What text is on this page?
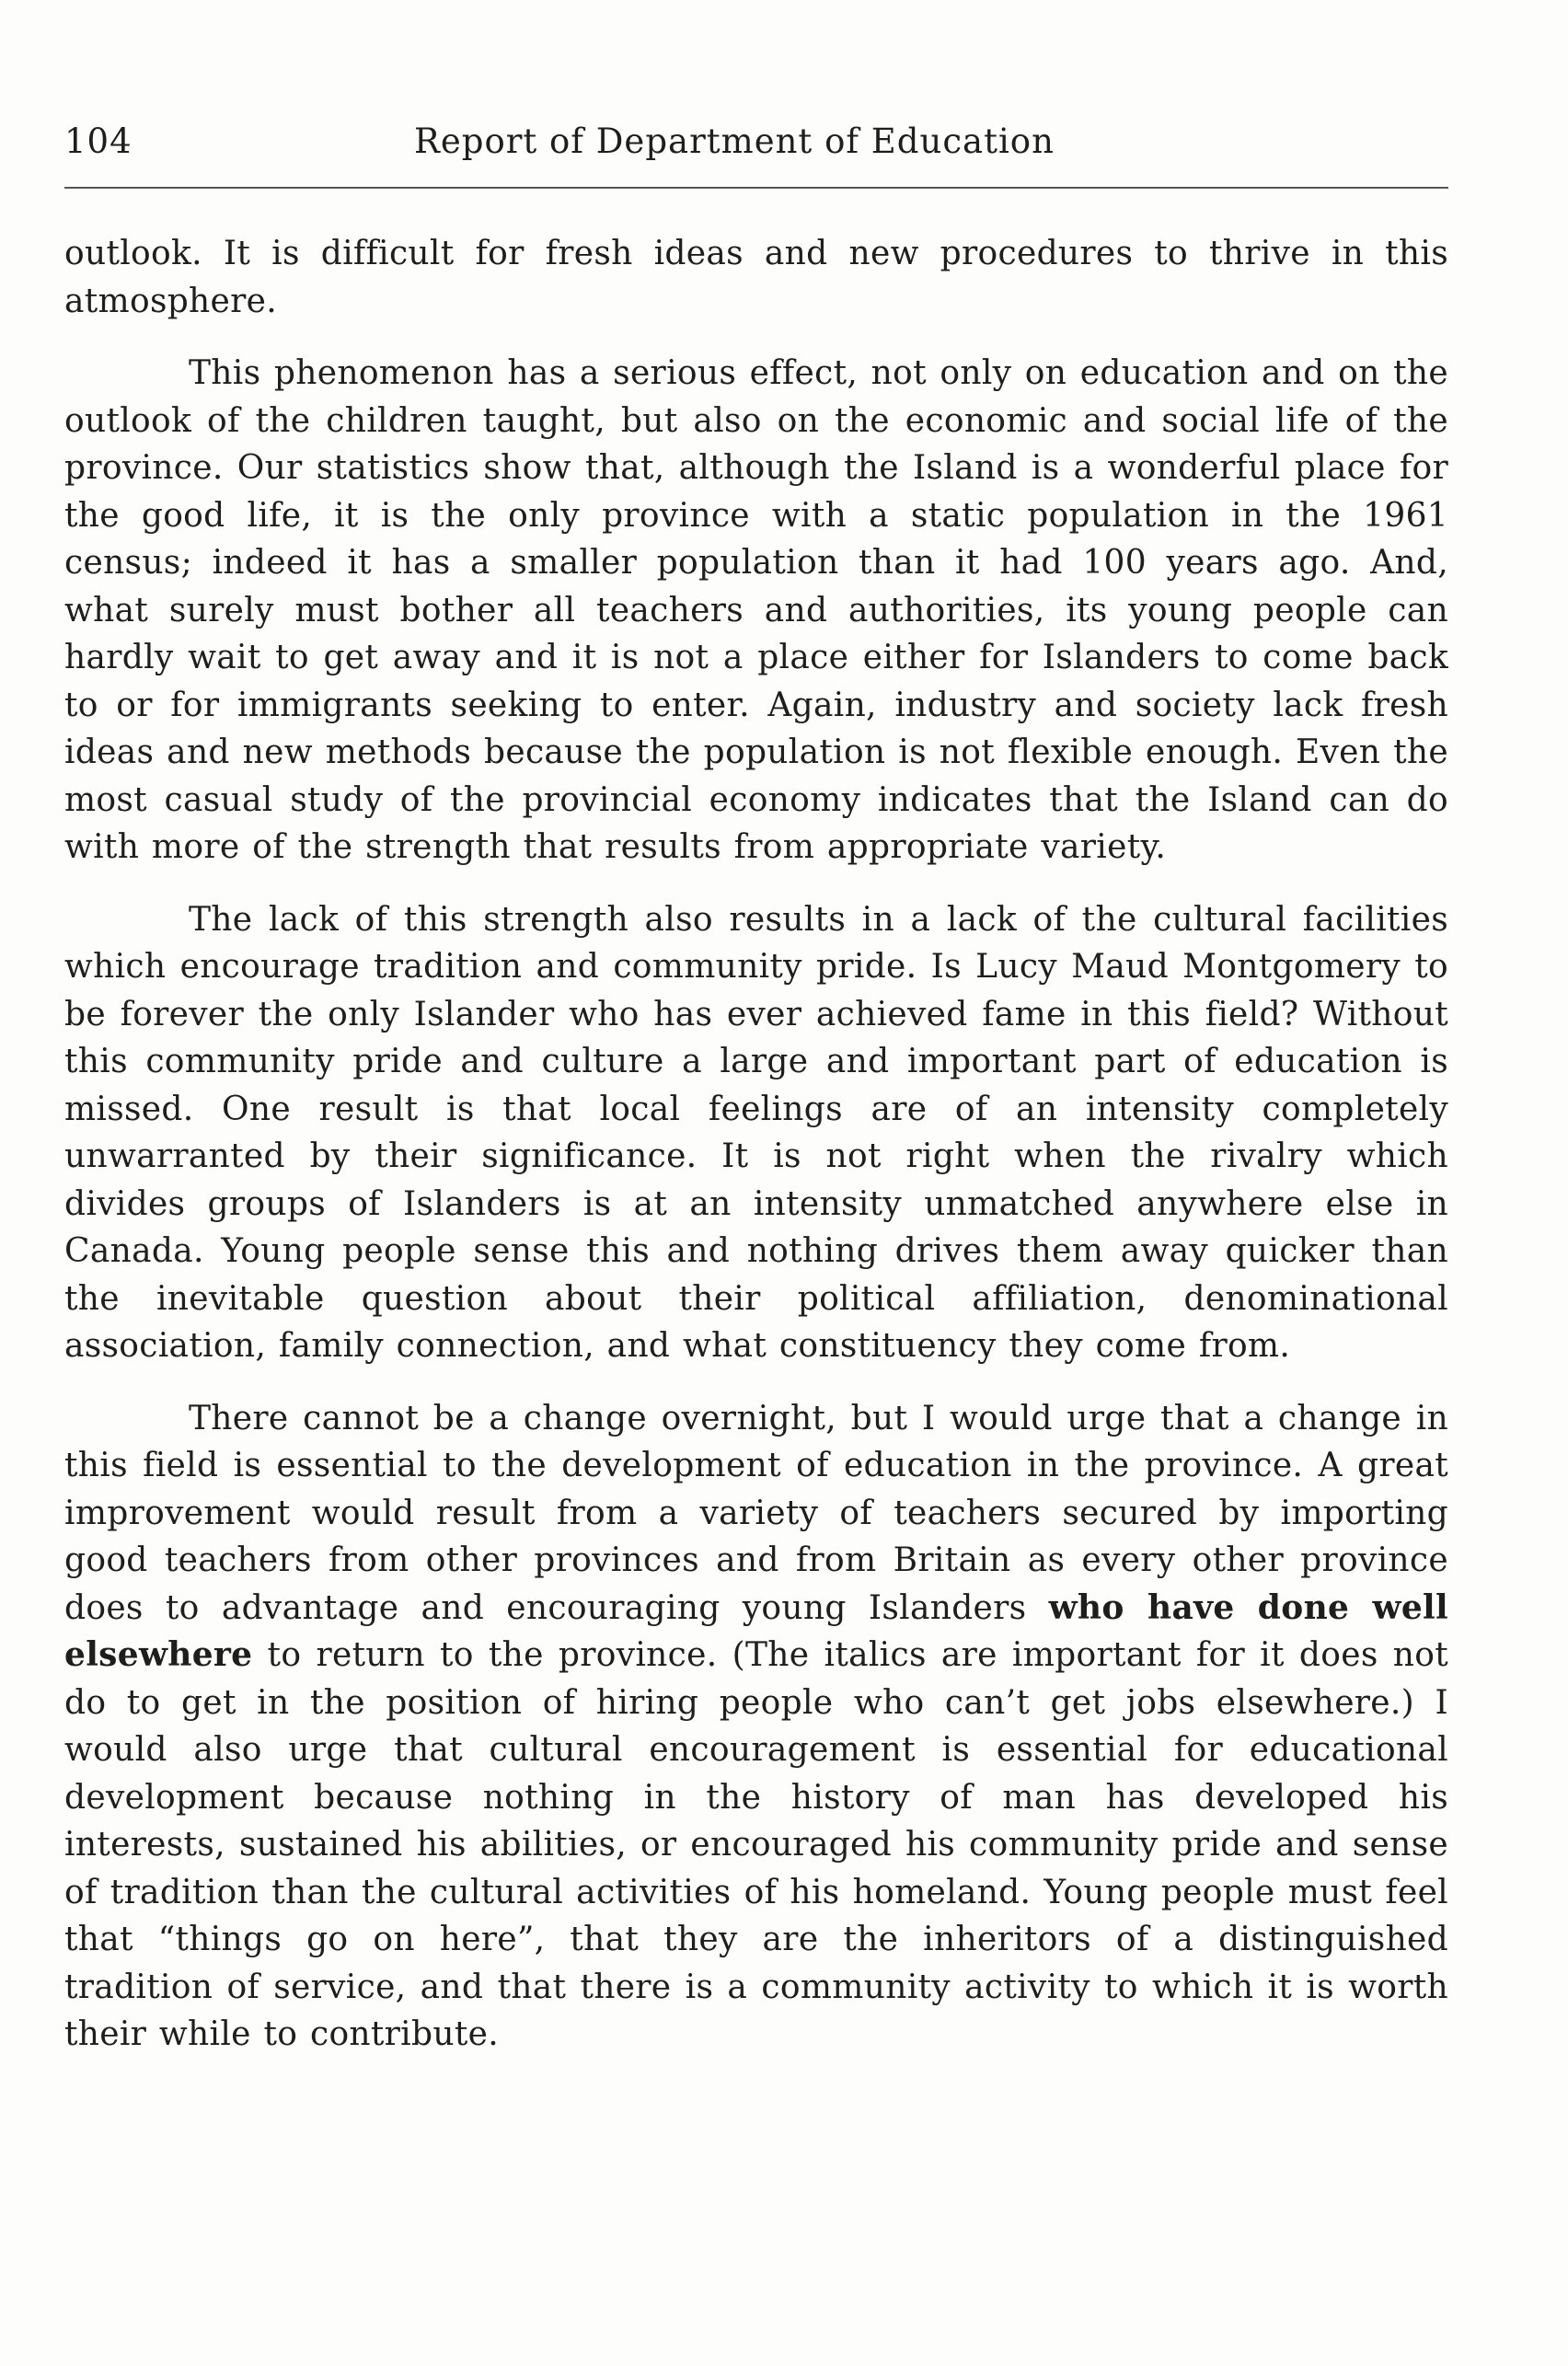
104	Report of Department of Education

outlook. It is difficult for fresh ideas and new procedures to thrive in this atmosphere.

This phenomenon has a serious effect, not only on education and on the outlook of the children taught, but also on the economic and social life of the province. Our statistics show that, although the Island is a wonderful place for the good life, it is the only province with a static population in the 1961 census; indeed it has a smaller population than it had 100 years ago. And, what surely must bother all teachers and authorities, its young people can hardly wait to get away and it is not a place either for Islanders to come back to or for immigrants seeking to enter. Again, industry and society lack fresh ideas and new methods because the population is not flexible enough. Even the most casual study of the provincial economy indicates that the Island can do with more of the strength that results from appropriate variety.

The lack of this strength also results in a lack of the cultural facilities which encourage tradition and community pride. Is Lucy Maud Montgomery to be forever the only Islander who has ever achieved fame in this field? Without this community pride and culture a large and important part of education is missed. One result is that local feelings are of an intensity completely unwarranted by their significance. It is not right when the rivalry which divides groups of Islanders is at an intensity unmatched anywhere else in Canada. Young people sense this and nothing drives them away quicker than the inevitable question about their political affiliation, denominational association, family connection, and what constituency they come from.

There cannot be a change overnight, but I would urge that a change in this field is essential to the development of education in the province. A great improvement would result from a variety of teachers secured by importing good teachers from other provinces and from Britain as every other province does to advantage and encouraging young Islanders who have done well elsewhere to return to the province. (The italics are important for it does not do to get in the position of hiring people who can’t get jobs elsewhere.) I would also urge that cultural encouragement is essential for educational development because nothing in the history of man has developed his interests, sustained his abilities, or encouraged his community pride and sense of tradition than the cultural activities of his homeland. Young people must feel that “things go on here”, that they are the inheritors of a distinguished tradition of service, and that there is a community activity to which it is worth their while to contribute.
